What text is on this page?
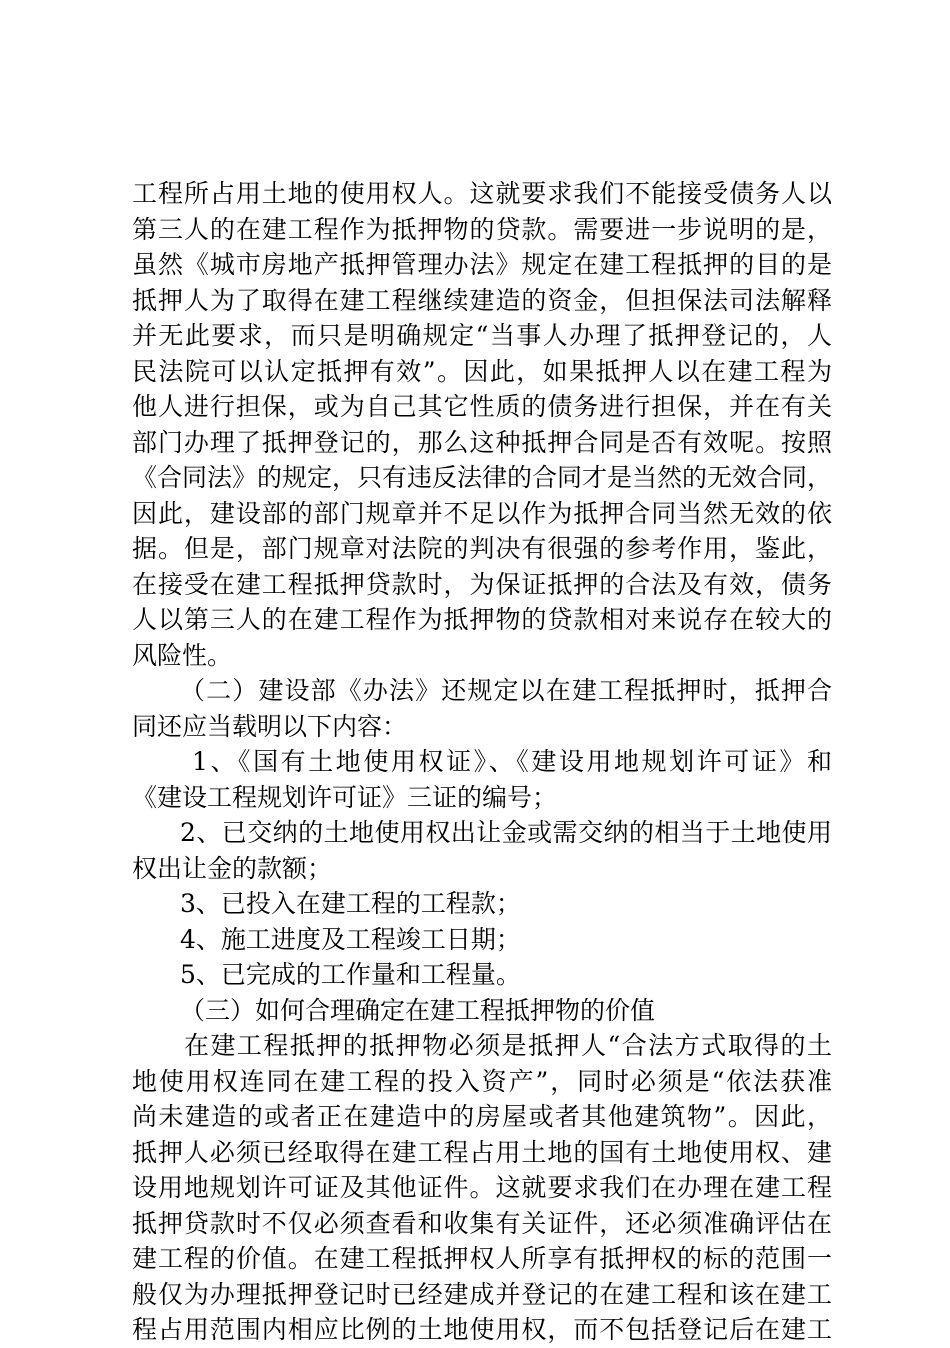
工程所占用土地的使用权人。这就要求我们不能接受债务人以
第三人的在建工程作为抵押物的贷款。需要进一步说明的是，
虽然《城市房地产抵押管理办法》规定在建工程抵押的目的是
抵押人为了取得在建工程继续建造的资金，但担保法司法解释
并无此要求，而只是明确规定“当事人办理了抵押登记的，人
民法院可以认定抵押有效”。因此，如果抵押人以在建工程为
他人进行担保，或为自己其它性质的债务进行担保，并在有关
部门办理了抵押登记的，那么这种抵押合同是否有效呢。按照
《合同法》的规定，只有违反法律的合同才是当然的无效合同，
因此，建设部的部门规章并不足以作为抵押合同当然无效的依
据。但是，部门规章对法院的判决有很强的参考作用，鉴此，
在接受在建工程抵押贷款时，为保证抵押的合法及有效，债务
人以第三人的在建工程作为抵押物的贷款相对来说存在较大的
风险性。
（二）建设部《办法》还规定以在建工程抵押时，抵押合
同还应当载明以下内容：
1、《国有土地使用权证》、《建设用地规划许可证》和
《建设工程规划许可证》三证的编号；
2、已交纳的土地使用权出让金或需交纳的相当于土地使用
权出让金的款额；
3、已投入在建工程的工程款；
4、施工进度及工程竣工日期；
5、已完成的工作量和工程量。
（三）如何合理确定在建工程抵押物的价值
在建工程抵押的抵押物必须是抵押人“合法方式取得的土
地使用权连同在建工程的投入资产”，同时必须是“依法获准
尚未建造的或者正在建造中的房屋或者其他建筑物”。因此，
抵押人必须已经取得在建工程占用土地的国有土地使用权、建
设用地规划许可证及其他证件。这就要求我们在办理在建工程
抵押贷款时不仅必须查看和收集有关证件，还必须准确评估在
建工程的价值。在建工程抵押权人所享有抵押权的标的范围一
般仅为办理抵押登记时已经建成并登记的在建工程和该在建工
程占用范围内相应比例的土地使用权，而不包括登记后在建工
